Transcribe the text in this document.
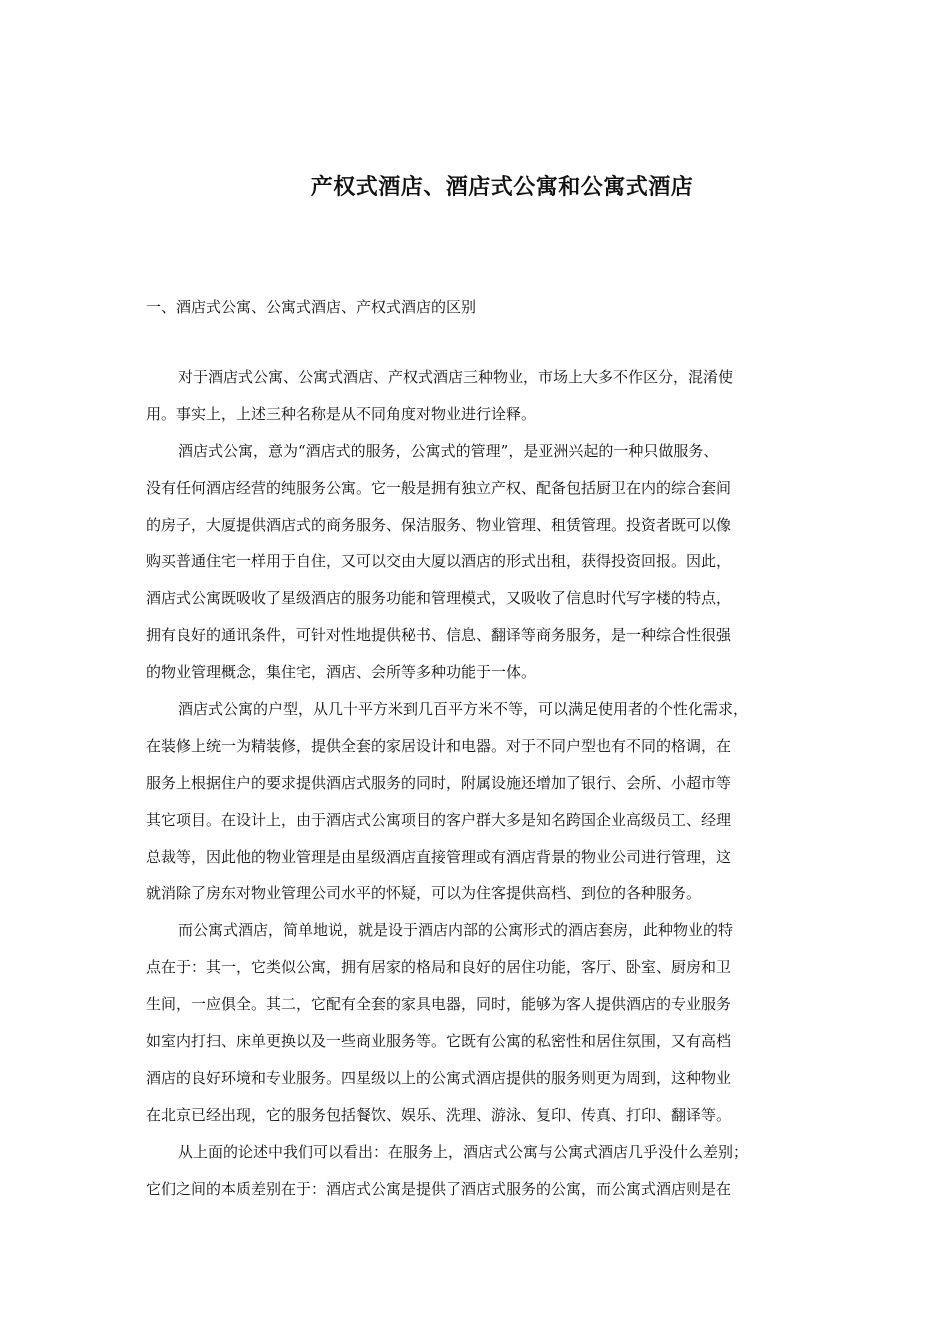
产权式酒店、酒店式公寓和公寓式酒店

一、酒店式公寓、公寓式酒店、产权式酒店的区别

对于酒店式公寓、公寓式酒店、产权式酒店三种物业，市场上大多不作区分，混淆使
用。事实上，上述三种名称是从不同角度对物业进行诠释。
酒店式公寓，意为“酒店式的服务，公寓式的管理”，是亚洲兴起的一种只做服务、
没有任何酒店经营的纯服务公寓。它一般是拥有独立产权、配备包括厨卫在内的综合套间
的房子，大厦提供酒店式的商务服务、保洁服务、物业管理、租赁管理。投资者既可以像
购买普通住宅一样用于自住，又可以交由大厦以酒店的形式出租，获得投资回报。因此，
酒店式公寓既吸收了星级酒店的服务功能和管理模式，又吸收了信息时代写字楼的特点，
拥有良好的通讯条件，可针对性地提供秘书、信息、翻译等商务服务，是一种综合性很强
的物业管理概念，集住宅，酒店、会所等多种功能于一体。
酒店式公寓的户型，从几十平方米到几百平方米不等，可以满足使用者的个性化需求，
在装修上统一为精装修，提供全套的家居设计和电器。对于不同户型也有不同的格调，在
服务上根据住户的要求提供酒店式服务的同时，附属设施还增加了银行、会所、小超市等
其它项目。在设计上，由于酒店式公寓项目的客户群大多是知名跨国企业高级员工、经理
总裁等，因此他的物业管理是由星级酒店直接管理或有酒店背景的物业公司进行管理，这
就消除了房东对物业管理公司水平的怀疑，可以为住客提供高档、到位的各种服务。
而公寓式酒店，简单地说，就是设于酒店内部的公寓形式的酒店套房，此种物业的特
点在于：其一，它类似公寓，拥有居家的格局和良好的居住功能，客厅、卧室、厨房和卫
生间，一应俱全。其二，它配有全套的家具电器，同时，能够为客人提供酒店的专业服务
如室内打扫、床单更换以及一些商业服务等。它既有公寓的私密性和居住氛围，又有高档
酒店的良好环境和专业服务。四星级以上的公寓式酒店提供的服务则更为周到，这种物业
在北京已经出现，它的服务包括餐饮、娱乐、洗理、游泳、复印、传真、打印、翻译等。
从上面的论述中我们可以看出：在服务上，酒店式公寓与公寓式酒店几乎没什么差别；
它们之间的本质差别在于：酒店式公寓是提供了酒店式服务的公寓，而公寓式酒店则是在
